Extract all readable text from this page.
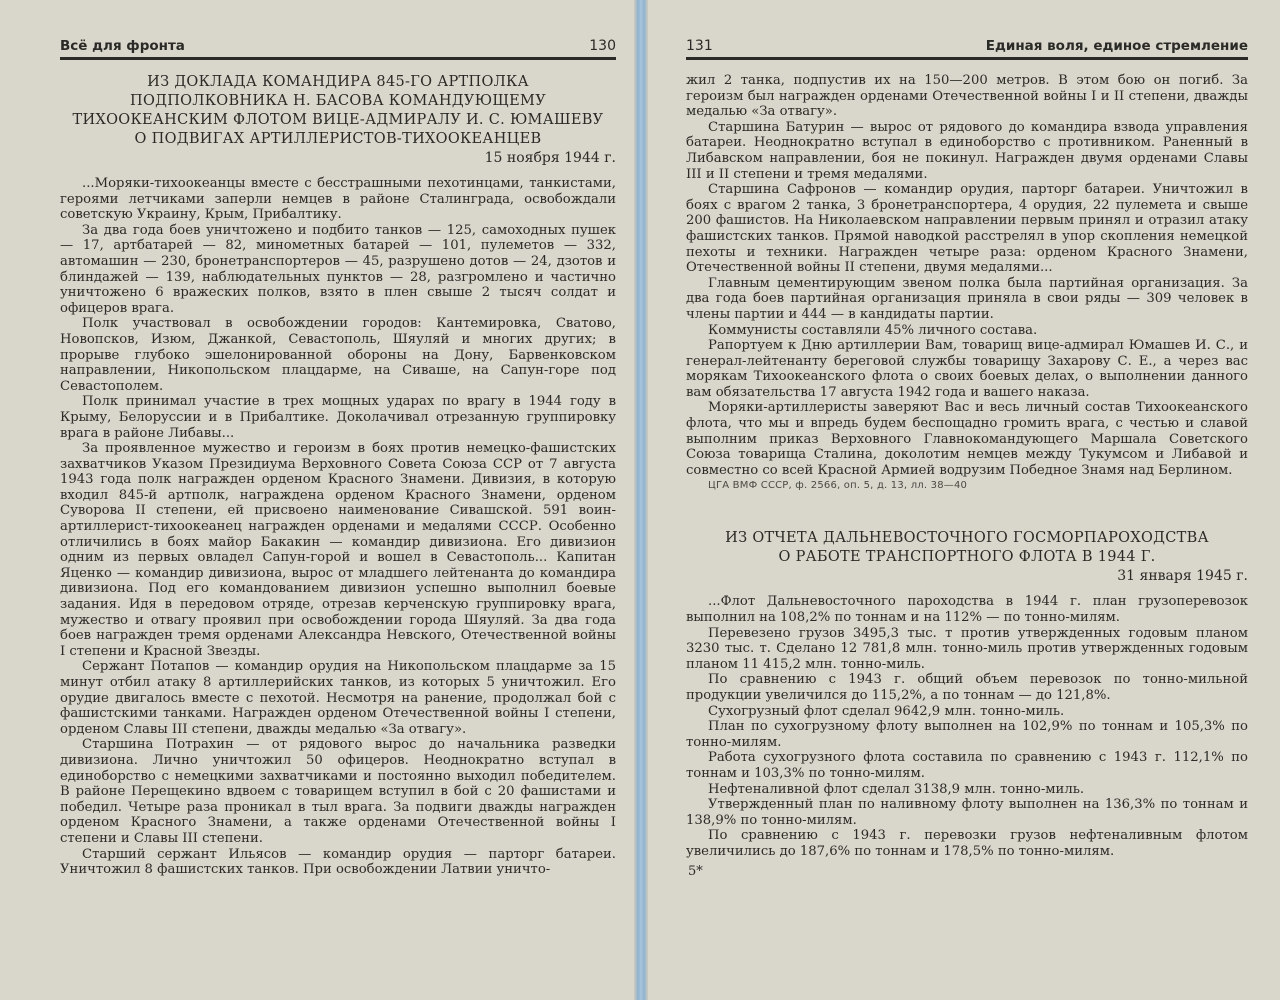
Всё для фронта	130

ИЗ ДОКЛАДА КОМАНДИРА 845-ГО АРТПОЛКА

ПОДПОЛКОВНИКА Н. БАСОВА КОМАНДУЮЩЕМУ

ТИХООКЕАНСКИМ ФЛОТОМ ВИЦЕ-АДМИРАЛУ И. С. ЮМАШЕВУ

О ПОДВИГАХ АРТИЛЛЕРИСТОВ-ТИХООКЕАНЦЕВ

15 ноября 1944 г.

...Моряки-тихоокеанцы вместе с бесстрашными пехотинцами, танкистами, героями летчиками заперли немцев в районе Сталинграда, освобождали советскую Украину, Крым, Прибалтику.

За два года боев уничтожено и подбито танков — 125, самоходных пушек — 17, артбатарей — 82, минометных батарей — 101, пулеметов — 332, автомашин — 230, бронетранспортеров — 45, разрушено дотов — 24, дзотов и блиндажей — 139, наблюдательных пунктов — 28, разгромлено и частично уничтожено 6 вражеских полков, взято в плен свыше 2 тысяч солдат и офицеров врага.

Полк участвовал в освобождении городов: Кантемировка, Сватово, Новопсков, Изюм, Джанкой, Севастополь, Шяуляй и многих других; в прорыве глубоко эшелонированной обороны на Дону, Барвенковском направлении, Никопольском плацдарме, на Сиваше, на Сапун-горе под Севастополем.

Полк принимал участие в трех мощных ударах по врагу в 1944 году в Крыму, Белоруссии и в Прибалтике. Доколачивал отрезанную группировку врага в районе Либавы...

За проявленное мужество и героизм в боях против немецко-фашистских захватчиков Указом Президиума Верховного Совета Союза ССР от 7 августа 1943 года полк награжден орденом Красного Знамени. Дивизия, в которую входил 845-й артполк, награждена орденом Красного Знамени, орденом Суворова II степени, ей присвоено наименование Сивашской. 591 воин-артиллерист-тихоокеанец награжден орденами и медалями СССР. Особенно отличились в боях майор Бакакин — командир дивизиона. Его дивизион одним из первых овладел Сапун-горой и вошел в Севастополь... Капитан Яценко — командир дивизиона, вырос от младшего лейтенанта до командира дивизиона. Под его командованием дивизион успешно выполнил боевые задания. Идя в передовом отряде, отрезав керченскую группировку врага, мужество и отвагу проявил при освобождении города Шяуляй. За два года боев награжден тремя орденами Александра Невского, Отечественной войны I степени и Красной Звезды.

Сержант Потапов — командир орудия на Никопольском плацдарме за 15 минут отбил атаку 8 артиллерийских танков, из которых 5 уничтожил. Его орудие двигалось вместе с пехотой. Несмотря на ранение, продолжал бой с фашистскими танками. Награжден орденом Отечественной войны I степени, орденом Славы III степени, дважды медалью «За отвагу».

Старшина Потрахин — от рядового вырос до начальника разведки дивизиона. Лично уничтожил 50 офицеров. Неоднократно вступал в единоборство с немецкими захватчиками и постоянно выходил победителем. В районе Перещекино вдвоем с товарищем вступил в бой с 20 фашистами и победил. Четыре раза проникал в тыл врага. За подвиги дважды награжден орденом Красного Знамени, а также орденами Отечественной войны I степени и Славы III степени.

Старший сержант Ильясов — командир орудия — парторг батареи. Уничтожил 8 фашистских танков. При освобождении Латвии уничто-

131	Единая воля, единое стремление

жил 2 танка, подпустив их на 150—200 метров. В этом бою он погиб. За героизм был награжден орденами Отечественной войны I и II степени, дважды медалью «За отвагу».

Старшина Батурин — вырос от рядового до командира взвода управления батареи. Неоднократно вступал в единоборство с противником. Раненный в Либавском направлении, боя не покинул. Награжден двумя орденами Славы III и II степени и тремя медалями.

Старшина Сафронов — командир орудия, парторг батареи. Уничтожил в боях с врагом 2 танка, 3 бронетранспортера, 4 орудия, 22 пулемета и свыше 200 фашистов. На Николаевском направлении первым принял и отразил атаку фашистских танков. Прямой наводкой расстрелял в упор скопления немецкой пехоты и техники. Награжден четыре раза: орденом Красного Знамени, Отечественной войны II степени, двумя медалями...

Главным цементирующим звеном полка была партийная организация. За два года боев партийная организация приняла в свои ряды — 309 человек в члены партии и 444 — в кандидаты партии.

Коммунисты составляли 45% личного состава.

Рапортуем к Дню артиллерии Вам, товарищ вице-адмирал Юмашев И. С., и генерал-лейтенанту береговой службы товарищу Захарову С. Е., а через вас морякам Тихоокеанского флота о своих боевых делах, о выполнении данного вам обязательства 17 августа 1942 года и вашего наказа.

Моряки-артиллеристы заверяют Вас и весь личный состав Тихоокеанского флота, что мы и впредь будем беспощадно громить врага, с честью и славой выполним приказ Верховного Главнокомандующего Маршала Советского Союза товарища Сталина, доколотим немцев между Тукумсом и Либавой и совместно со всей Красной Армией водрузим Победное Знамя над Берлином.

ЦГА ВМФ СССР, ф. 2566, оп. 5, д. 13, лл. 38—40

ИЗ ОТЧЕТА ДАЛЬНЕВОСТОЧНОГО ГОСМОРПАРОХОДСТВА

О РАБОТЕ ТРАНСПОРТНОГО ФЛОТА В 1944 Г.

31 января 1945 г.

...Флот Дальневосточного пароходства в 1944 г. план грузоперевозок выполнил на 108,2% по тоннам и на 112% — по тонно-милям.

Перевезено грузов 3495,3 тыс. т против утвержденных годовым планом 3230 тыс. т. Сделано 12 781,8 млн. тонно-миль против утвержденных годовым планом 11 415,2 млн. тонно-миль.

По сравнению с 1943 г. общий объем перевозок по тонно-мильной продукции увеличился до 115,2%, а по тоннам — до 121,8%.

Сухогрузный флот сделал 9642,9 млн. тонно-миль.

План по сухогрузному флоту выполнен на 102,9% по тоннам и 105,3% по тонно-милям.

Работа сухогрузного флота составила по сравнению с 1943 г. 112,1% по тоннам и 103,3% по тонно-милям.

Нефтеналивной флот сделал 3138,9 млн. тонно-миль.

Утвержденный план по наливному флоту выполнен на 136,3% по тоннам и 138,9% по тонно-милям.

По сравнению с 1943 г. перевозки грузов нефтеналивным флотом увеличились до 187,6% по тоннам и 178,5% по тонно-милям.

5*
